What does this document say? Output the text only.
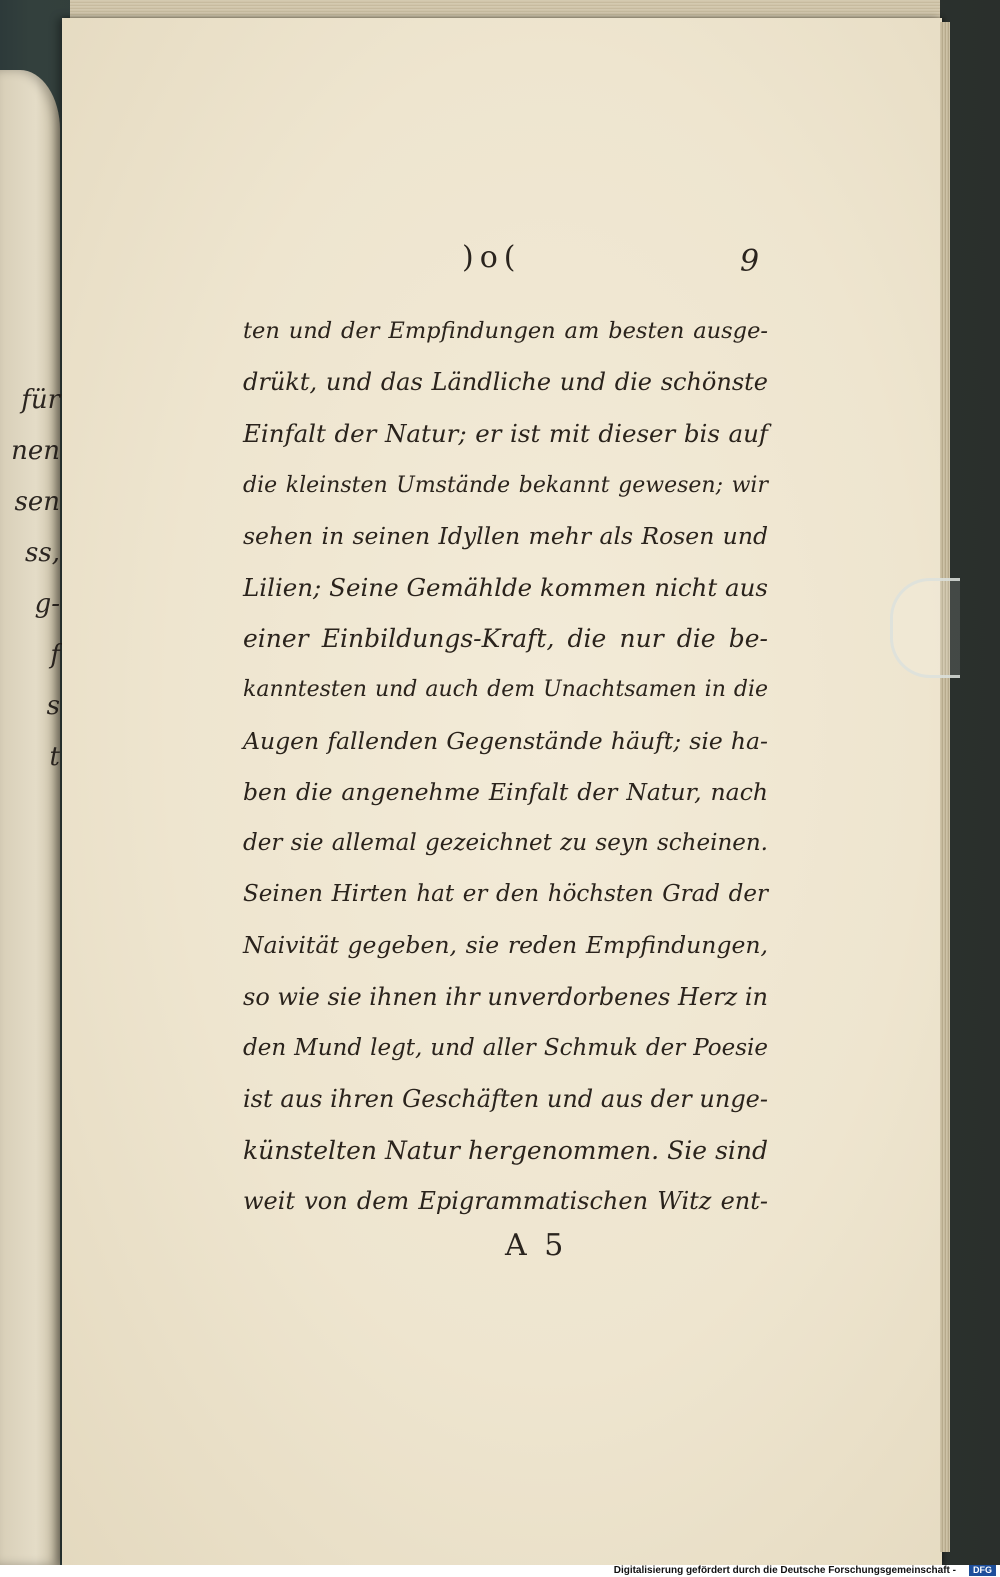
für
nen
sen
ss,
g-
f
s
t
)o(	9
ten und der Empfindungen am besten ausge-
drükt, und das Ländliche und die schönste
Einfalt der Natur; er ist mit dieser bis auf
die kleinsten Umstände bekannt gewesen; wir
sehen in seinen Idyllen mehr als Rosen und
Lilien; Seine Gemählde kommen nicht aus
einer Einbildungs-Kraft, die nur die be-
kanntesten und auch dem Unachtsamen in die
Augen fallenden Gegenstände häuft; sie ha-
ben die angenehme Einfalt der Natur, nach
der sie allemal gezeichnet zu seyn scheinen.
Seinen Hirten hat er den höchsten Grad der
Naivität gegeben, sie reden Empfindungen,
so wie sie ihnen ihr unverdorbenes Herz in
den Mund legt, und aller Schmuk der Poesie
ist aus ihren Geschäften und aus der unge-
künstelten Natur hergenommen. Sie sind
weit von dem Epigrammatischen Witz ent-
A 5
Digitalisierung gefördert durch die Deutsche Forschungsgemeinschaft -	DFG
